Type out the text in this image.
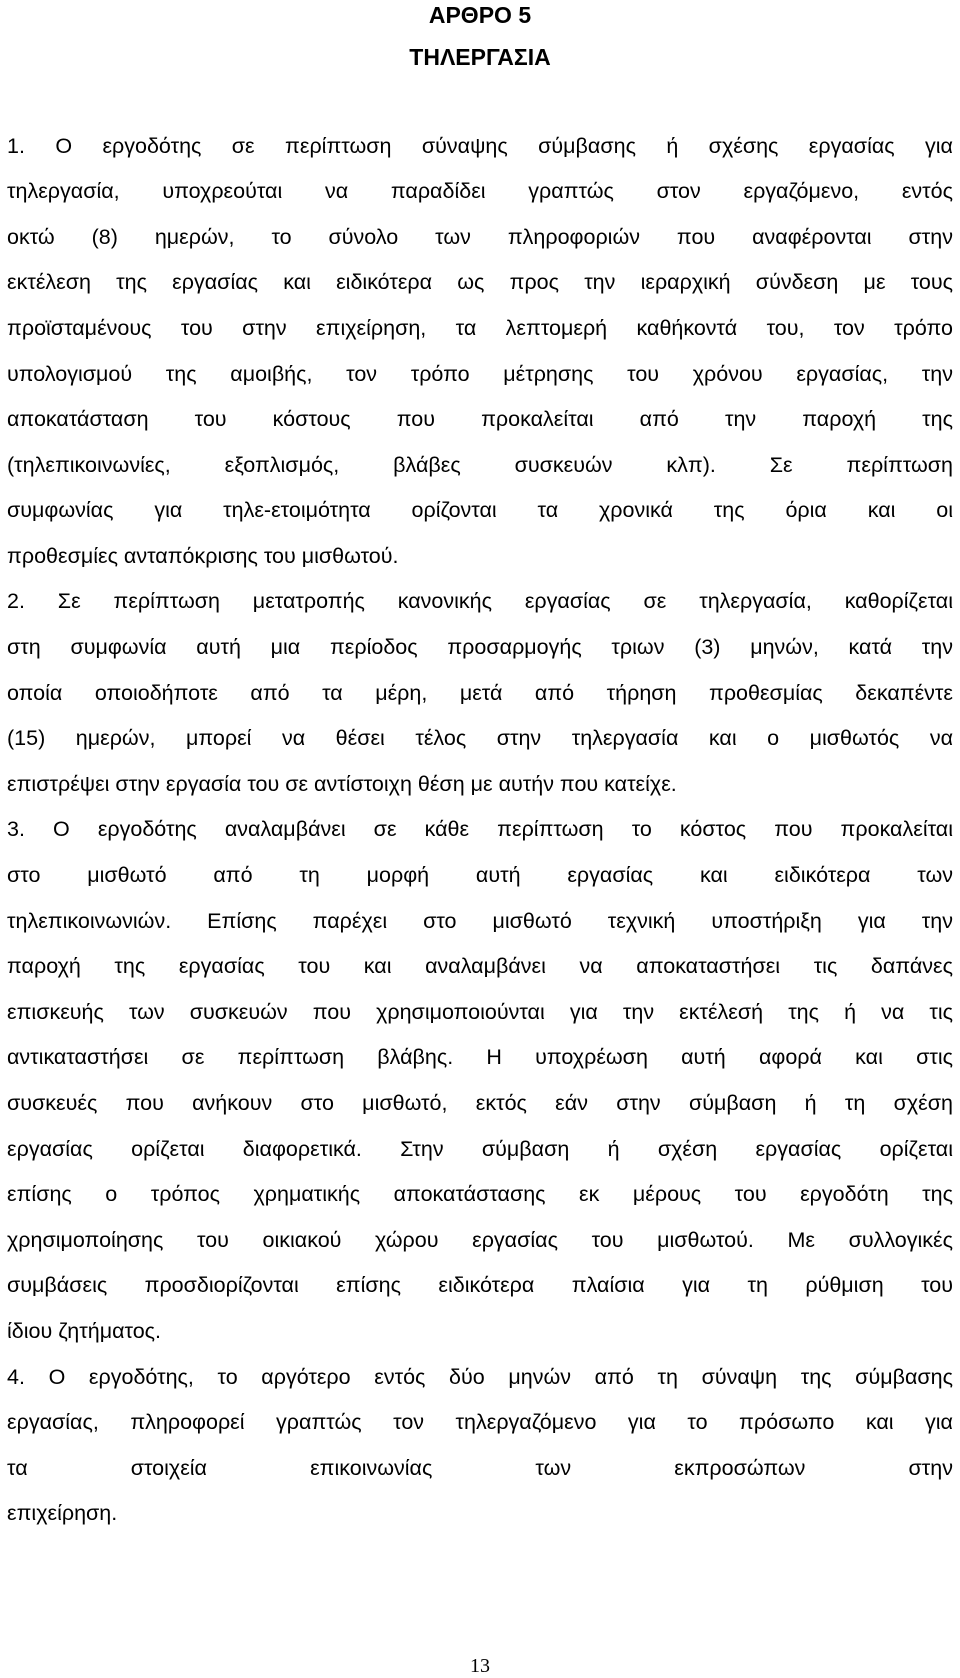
ΑΡΘΡΟ 5
ΤΗΛΕΡΓΑΣΙΑ

1. Ο εργοδότης σε περίπτωση σύναψης σύμβασης ή σχέσης εργασίας για

τηλεργασία, υποχρεούται να παραδίδει γραπτώς στον εργαζόμενο, εντός

οκτώ (8) ημερών, το σύνολο των πληροφοριών που αναφέρονται στην

εκτέλεση της εργασίας και ειδικότερα ως προς την ιεραρχική σύνδεση με τους

προϊσταμένους του στην επιχείρηση, τα λεπτομερή καθήκοντά του, τον τρόπο

υπολογισμού της αμοιβής, τον τρόπο μέτρησης του χρόνου εργασίας, την

αποκατάσταση του κόστους που προκαλείται από την παροχή της

(τηλεπικοινωνίες, εξοπλισμός, βλάβες συσκευών κλπ). Σε περίπτωση

συμφωνίας για τηλε-ετοιμότητα ορίζονται τα χρονικά της όρια και οι

προθεσμίες ανταπόκρισης του μισθωτού.

2. Σε περίπτωση μετατροπής κανονικής εργασίας σε τηλεργασία, καθορίζεται

στη συμφωνία αυτή μια περίοδος προσαρμογής τριων (3) μηνών, κατά την

οποία οποιοδήποτε από τα μέρη, μετά από τήρηση προθεσμίας δεκαπέντε

(15) ημερών, μπορεί να θέσει τέλος στην τηλεργασία και ο μισθωτός να

επιστρέψει στην εργασία του σε αντίστοιχη θέση με αυτήν που κατείχε.

3. Ο εργοδότης αναλαμβάνει σε κάθε περίπτωση το κόστος που προκαλείται

στο μισθωτό από τη μορφή αυτή εργασίας και ειδικότερα των

τηλεπικοινωνιών. Επίσης παρέχει στο μισθωτό τεχνική υποστήριξη για την

παροχή της εργασίας του και αναλαμβάνει να αποκαταστήσει τις δαπάνες

επισκευής των συσκευών που χρησιμοποιούνται για την εκτέλεσή της ή να τις

αντικαταστήσει σε περίπτωση βλάβης. Η υποχρέωση αυτή αφορά και στις

συσκευές που ανήκουν στο μισθωτό, εκτός εάν στην σύμβαση ή τη σχέση

εργασίας ορίζεται διαφορετικά. Στην σύμβαση ή σχέση εργασίας ορίζεται

επίσης ο τρόπος χρηματικής αποκατάστασης εκ μέρους του εργοδότη της

χρησιμοποίησης του οικιακού χώρου εργασίας του μισθωτού. Με συλλογικές

συμβάσεις προσδιορίζονται επίσης ειδικότερα πλαίσια για τη ρύθμιση του

ίδιου ζητήματος.

4. Ο εργοδότης, το αργότερο εντός δύο μηνών από τη σύναψη της σύμβασης

εργασίας, πληροφορεί γραπτώς τον τηλεργαζόμενο για το πρόσωπο και για

τα στοιχεία επικοινωνίας των εκπροσώπων στην

επιχείρηση.

13
